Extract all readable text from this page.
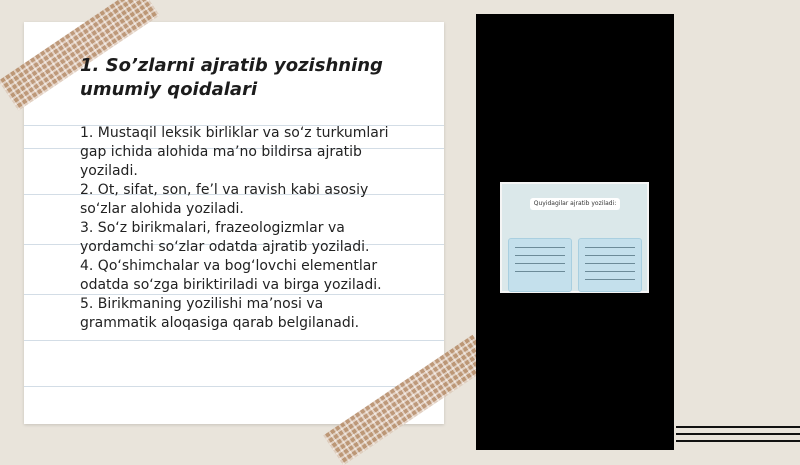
1. So’zlarni ajratib yozishning umumiy qoidalari

1. Mustaqil leksik birliklar va so‘z turkumlari

gap ichida alohida ma’no bildirsa ajratib

yoziladi.

2. Ot, sifat, son, fe’l va ravish kabi asosiy

so‘zlar alohida yoziladi.

3. So‘z birikmalari, frazeologizmlar va

yordamchi so‘zlar odatda ajratib yoziladi.

4. Qo‘shimchalar va bog‘lovchi elementlar

odatda so‘zga biriktiriladi va birga yoziladi.

5. Birikmaning yozilishi ma’nosi va

grammatik aloqasiga qarab belgilanadi.

Quyidagilar ajratib yoziladi:
